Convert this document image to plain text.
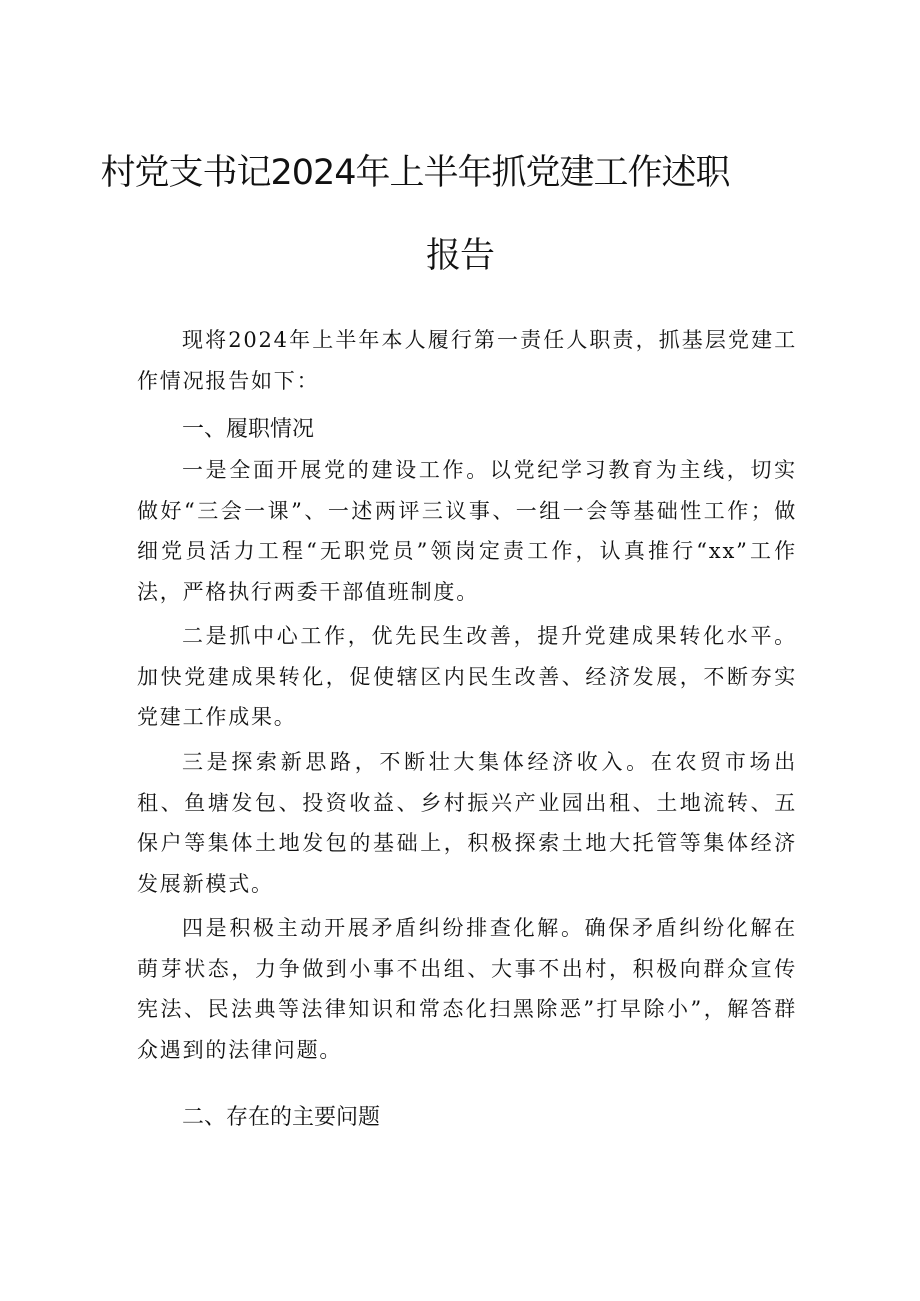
村党支书记2024年上半年抓党建工作述职
报告

现将2024年上半年本人履行第一责任人职责，抓基层党建工作情况报告如下：

一、履职情况

一是全面开展党的建设工作。以党纪学习教育为主线，切实做好“三会一课”、一述两评三议事、一组一会等基础性工作；做细党员活力工程“无职党员”领岗定责工作，认真推行“xx”工作法，严格执行两委干部值班制度。

二是抓中心工作，优先民生改善，提升党建成果转化水平。加快党建成果转化，促使辖区内民生改善、经济发展，不断夯实党建工作成果。

三是探索新思路，不断壮大集体经济收入。在农贸市场出租、鱼塘发包、投资收益、乡村振兴产业园出租、土地流转、五保户等集体土地发包的基础上，积极探索土地大托管等集体经济发展新模式。

四是积极主动开展矛盾纠纷排查化解。确保矛盾纠纷化解在萌芽状态，力争做到小事不出组、大事不出村，积极向群众宣传宪法、民法典等法律知识和常态化扫黑除恶”打早除小”，解答群众遇到的法律问题。

二、存在的主要问题
